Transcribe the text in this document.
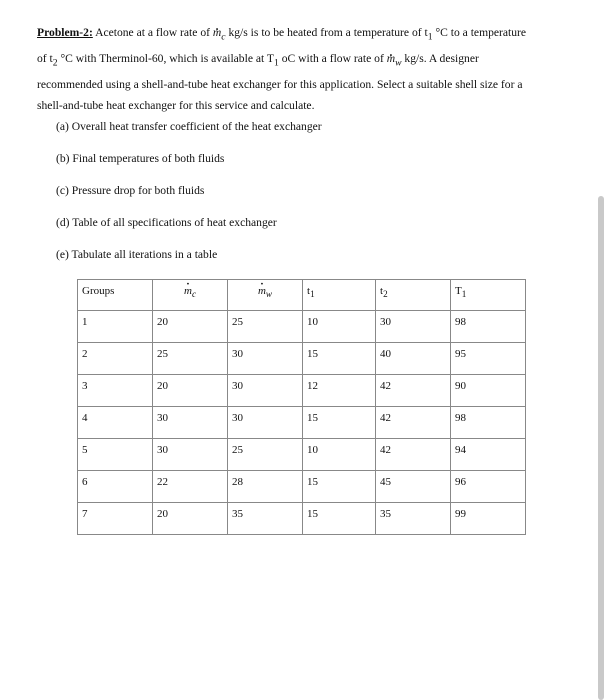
Problem-2: Acetone at a flow rate of · $m_c$ kg/s is to be heated from a temperature of $t_1$ °C to a temperature
of $t_2$ °C with Therminol-60, which is available at $T_1$ oC with a flow rate of · $m_w$ kg/s. A designer
recommended using a shell-and-tube heat exchanger for this application. Select a suitable shell size for a
shell-and-tube heat exchanger for this service and calculate.
(a) Overall heat transfer coefficient of the heat exchanger
(b) Final temperatures of both fluids
(c) Pressure drop for both fluids
(d) Table of all specifications of heat exchanger
(e) Tabulate all iterations in a table
Groups	· $m_c$	· $m_w$	$t_1$	$t_2$	$T_1$

1	20	25	10	30	98

2	25	30	15	40	95

3	20	30	12	42	90

4	30	30	15	42	98

5	30	25	10	42	94

6	22	28	15	45	96

7	20	35	15	35	99
